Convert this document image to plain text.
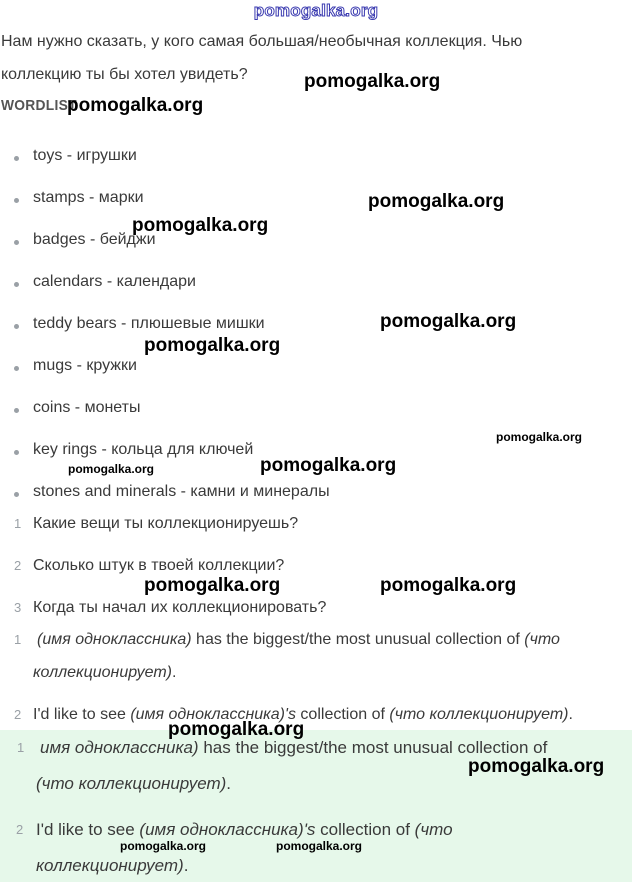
pomogalka.org
Нам нужно сказать, у кого самая большая/необычная коллекция. Чью
коллекцию ты бы хотел увидеть?
WORDLIST
toys - игрушки
stamps - марки
badges - бейджи
calendars - календари
teddy bears - плюшевые мишки
mugs - кружки
coins - монеты
key rings - кольца для ключей
stones and minerals - камни и минералы
1 Какие вещи ты коллекционируешь?
2 Сколько штук в твоей коллекции?
3 Когда ты начал их коллекционировать?
1 (имя одноклассника) has the biggest/the most unusual collection of (что
коллекционирует).
2 I'd like to see (имя одноклассника)'s collection of (что коллекционирует).
1 имя одноклассника) has the biggest/the most unusual collection of
(что коллекционирует).
2 I'd like to see (имя одноклассника)'s collection of (что
коллекционирует).
pomogalka.org
pomogalka.org
pomogalka.org
pomogalka.org
pomogalka.org
pomogalka.org
pomogalka.org
pomogalka.org
pomogalka.org
pomogalka.org	pomogalka.org
pomogalka.org
pomogalka.org
pomogalka.org	pomogalka.org
